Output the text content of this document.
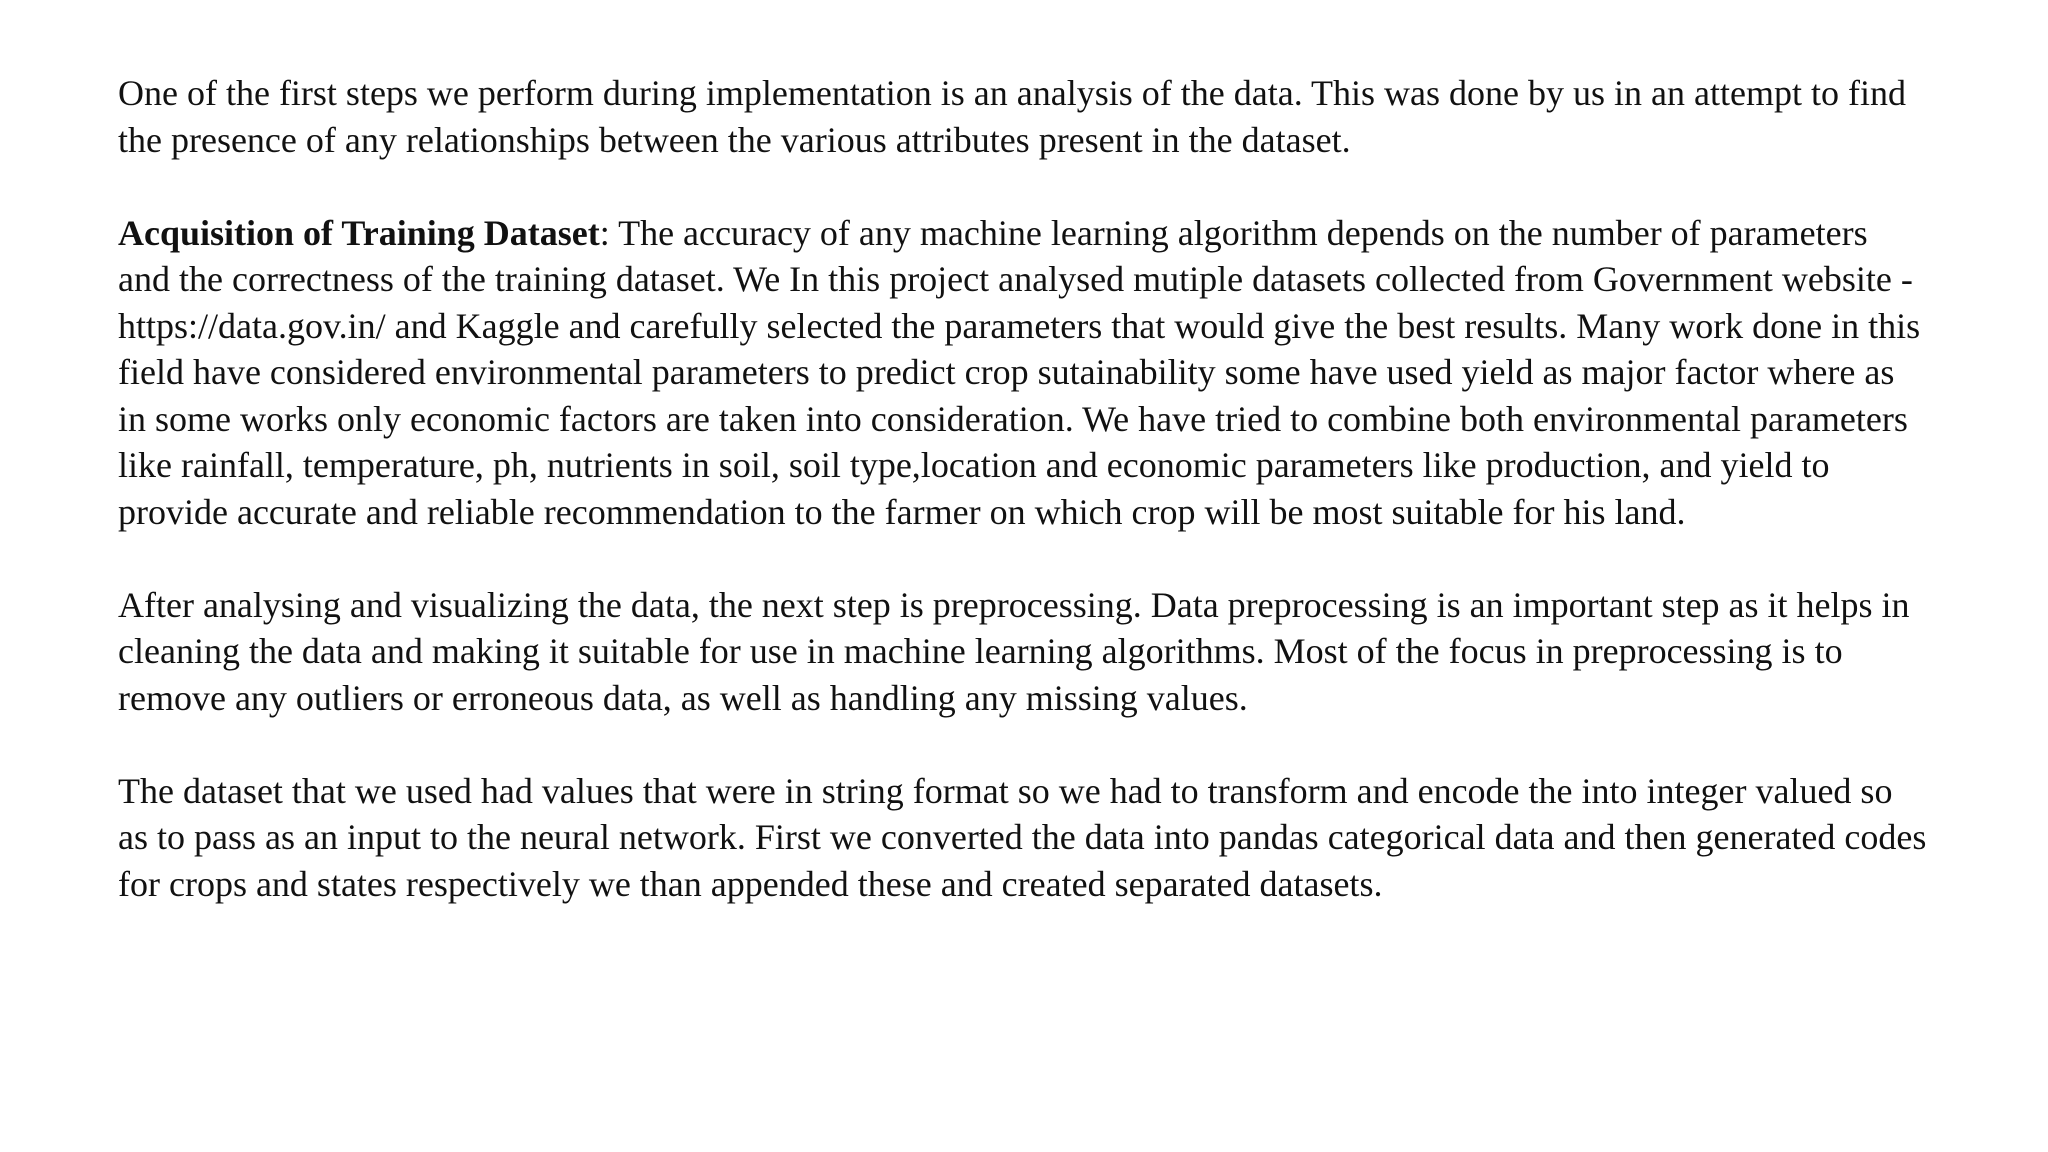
One of the first steps we perform during implementation is an analysis of the data. This was done by us in an attempt to find the presence of any relationships between the various attributes present in the dataset.

Acquisition of Training Dataset: The accuracy of any machine learning algorithm depends on the number of parameters and the correctness of the training dataset. We In this project analysed mutiple datasets collected from Government website -https://data.gov.in/ and Kaggle and carefully selected the parameters that would give the best results. Many work done in this field have considered environmental parameters to predict crop sutainability some have used yield as major factor where as in some works only economic factors are taken into consideration. We have tried to combine both environmental parameters like rainfall, temperature, ph, nutrients in soil, soil type,location and economic parameters like production, and yield to provide accurate and reliable recommendation to the farmer on which crop will be most suitable for his land.

After analysing and visualizing the data, the next step is preprocessing. Data preprocessing is an important step as it helps in cleaning the data and making it suitable for use in machine learning algorithms. Most of the focus in preprocessing is to remove any outliers or erroneous data, as well as handling any missing values.

The dataset that we used had values that were in string format so we had to transform and encode the into integer valued so as to pass as an input to the neural network. First we converted the data into pandas categorical data and then generated codes for crops and states respectively we than appended these and created separated datasets.
